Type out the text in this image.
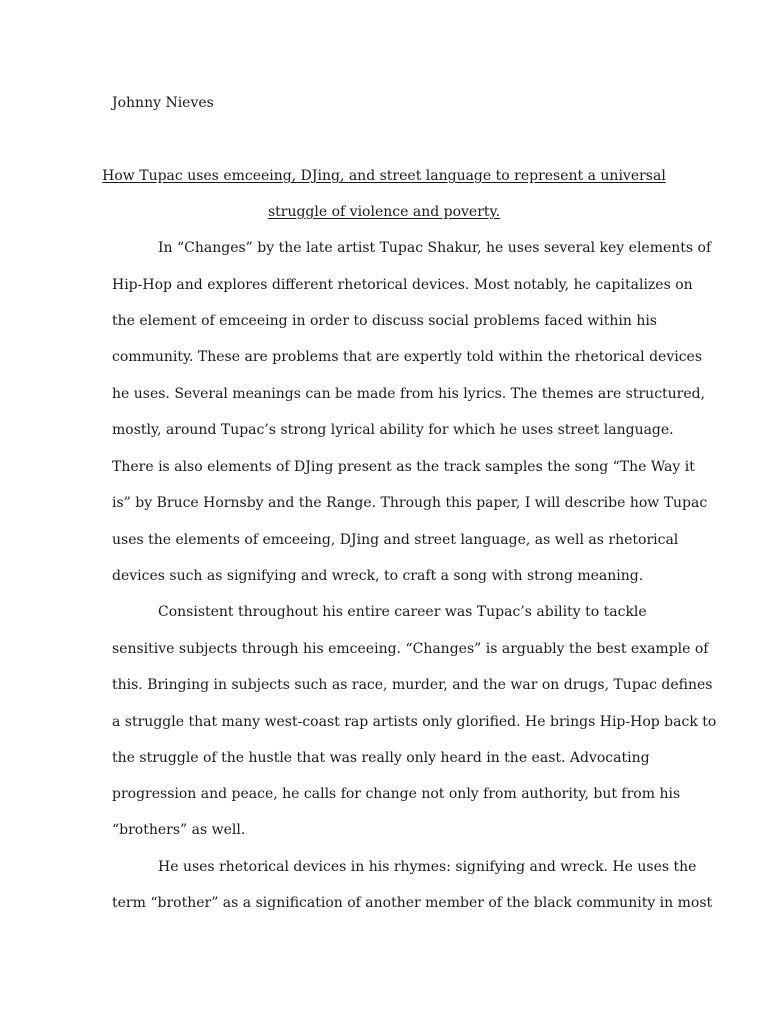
Johnny Nieves
How Tupac uses emceeing, DJing, and street language to represent a universal
struggle of violence and poverty.
In “Changes” by the late artist Tupac Shakur, he uses several key elements of
Hip-Hop and explores different rhetorical devices. Most notably, he capitalizes on
the element of emceeing in order to discuss social problems faced within his
community. These are problems that are expertly told within the rhetorical devices
he uses. Several meanings can be made from his lyrics. The themes are structured,
mostly, around Tupac’s strong lyrical ability for which he uses street language.
There is also elements of DJing present as the track samples the song “The Way it
is” by Bruce Hornsby and the Range. Through this paper, I will describe how Tupac
uses the elements of emceeing, DJing and street language, as well as rhetorical
devices such as signifying and wreck, to craft a song with strong meaning.
Consistent throughout his entire career was Tupac’s ability to tackle
sensitive subjects through his emceeing. “Changes” is arguably the best example of
this. Bringing in subjects such as race, murder, and the war on drugs, Tupac defines
a struggle that many west-coast rap artists only glorified. He brings Hip-Hop back to
the struggle of the hustle that was really only heard in the east. Advocating
progression and peace, he calls for change not only from authority, but from his
“brothers” as well.
He uses rhetorical devices in his rhymes: signifying and wreck. He uses the
term “brother” as a signification of another member of the black community in most
